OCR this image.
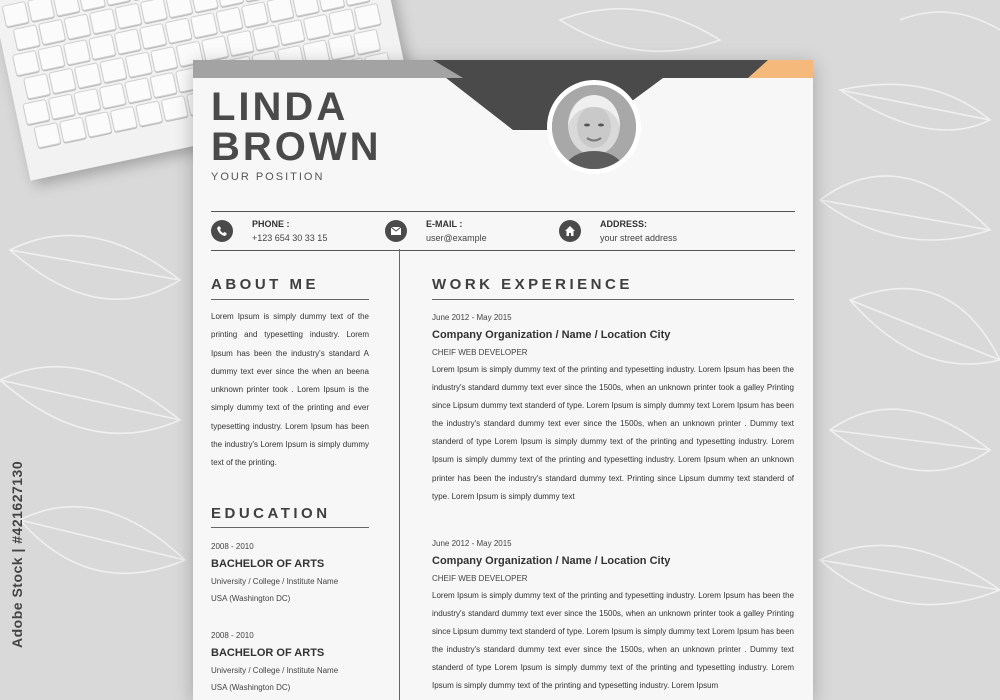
Adobe Stock | #421627130
LINDA
BROWN
YOUR POSITION
PHONE :
+123 654 30 33 15
E-MAIL :
user@example
ADDRESS:
your street address
ABOUT ME
Lorem Ipsum is simply dummy text of the printing and typesetting industry. Lorem Ipsum has been the industry's standard A dummy text ever since the when an beena unknown printer took . Lorem Ipsum is the simply dummy text of the printing and ever typesetting industry. Lorem Ipsum has been the industry's Lorem Ipsum is simply dummy text of the printing.
EDUCATION
2008 - 2010
BACHELOR OF ARTS
University / College / Institute Name
USA (Washington DC)
2008 - 2010
BACHELOR OF ARTS
University / College / Institute Name
USA (Washington DC)
WORK EXPERIENCE
June 2012 - May 2015
Company Organization / Name / Location City
CHEIF WEB DEVELOPER
Lorem Ipsum is simply dummy text of the printing and typesetting industry. Lorem Ipsum has been the industry's standard dummy text ever since the 1500s, when an unknown printer took a galley Printing since Lipsum dummy text standerd of type. Lorem Ipsum is simply dummy text Lorem Ipsum has been the industry's standard dummy text ever since the 1500s, when an unknown printer . Dummy text standerd of type Lorem Ipsum is simply dummy text of the printing and typesetting industry. Lorem Ipsum is simply dummy text of the printing and typesetting industry. Lorem Ipsum when an unknown printer has been the industry's standard dummy text. Printing since Lipsum dummy text standerd of type. Lorem Ipsum is simply dummy text
June 2012 - May 2015
Company Organization / Name / Location City
CHEIF WEB DEVELOPER
Lorem Ipsum is simply dummy text of the printing and typesetting industry. Lorem Ipsum has been the industry's standard dummy text ever since the 1500s, when an unknown printer took a galley Printing since Lipsum dummy text standerd of type. Lorem Ipsum is simply dummy text Lorem Ipsum has been the industry's standard dummy text ever since the 1500s, when an unknown printer . Dummy text standerd of type Lorem Ipsum is simply dummy text of the printing and typesetting industry. Lorem Ipsum is simply dummy text of the printing and typesetting industry. Lorem Ipsum
